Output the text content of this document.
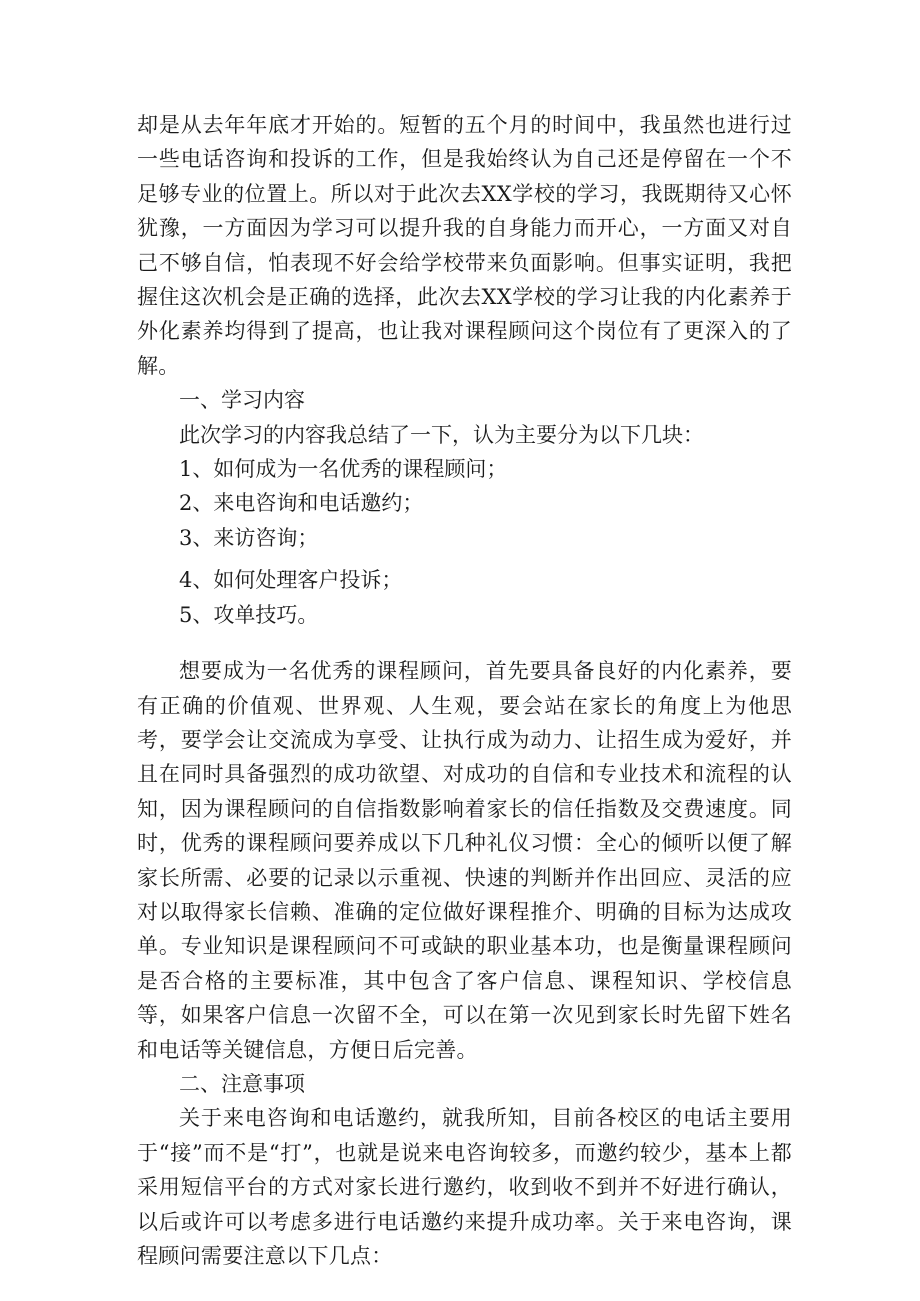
却是从去年年底才开始的。短暂的五个月的时间中，我虽然也进行过一些电话咨询和投诉的工作，但是我始终认为自己还是停留在一个不足够专业的位置上。所以对于此次去XX学校的学习，我既期待又心怀犹豫，一方面因为学习可以提升我的自身能力而开心，一方面又对自己不够自信，怕表现不好会给学校带来负面影响。但事实证明，我把握住这次机会是正确的选择，此次去XX学校的学习让我的内化素养于外化素养均得到了提高，也让我对课程顾问这个岗位有了更深入的了解。

一、学习内容

此次学习的内容我总结了一下，认为主要分为以下几块：

1、如何成为一名优秀的课程顾问；

2、来电咨询和电话邀约；

3、来访咨询；

4、如何处理客户投诉；

5、攻单技巧。

想要成为一名优秀的课程顾问，首先要具备良好的内化素养，要有正确的价值观、世界观、人生观，要会站在家长的角度上为他思考，要学会让交流成为享受、让执行成为动力、让招生成为爱好，并且在同时具备强烈的成功欲望、对成功的自信和专业技术和流程的认知，因为课程顾问的自信指数影响着家长的信任指数及交费速度。同时，优秀的课程顾问要养成以下几种礼仪习惯：全心的倾听以便了解家长所需、必要的记录以示重视、快速的判断并作出回应、灵活的应对以取得家长信赖、准确的定位做好课程推介、明确的目标为达成攻单。专业知识是课程顾问不可或缺的职业基本功，也是衡量课程顾问是否合格的主要标准，其中包含了客户信息、课程知识、学校信息等，如果客户信息一次留不全，可以在第一次见到家长时先留下姓名和电话等关键信息，方便日后完善。

二、注意事项

关于来电咨询和电话邀约，就我所知，目前各校区的电话主要用于“接”而不是“打”，也就是说来电咨询较多，而邀约较少，基本上都采用短信平台的方式对家长进行邀约，收到收不到并不好进行确认，以后或许可以考虑多进行电话邀约来提升成功率。关于来电咨询，课程顾问需要注意以下几点：
